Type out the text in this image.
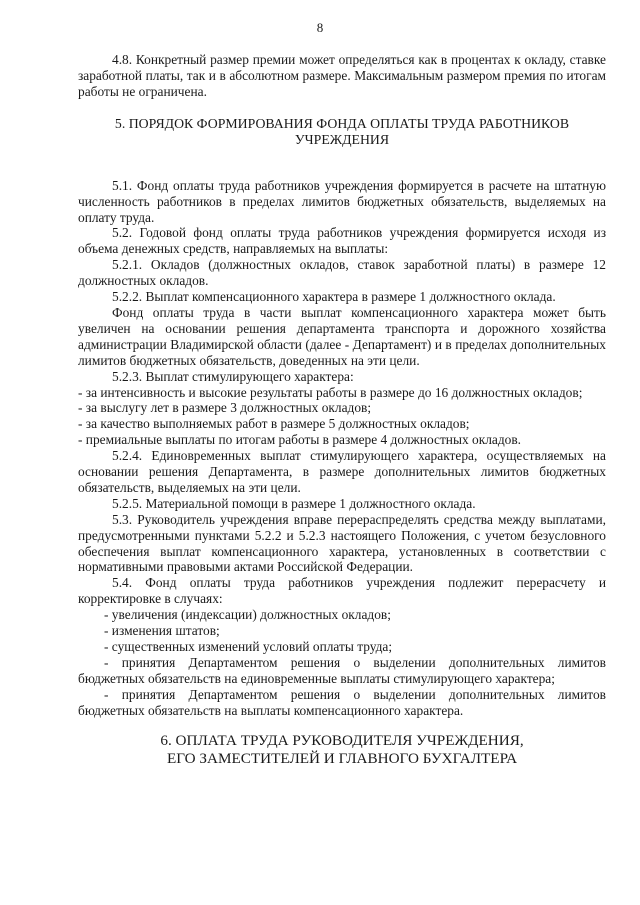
8

4.8. Конкретный размер премии может определяться как в процентах к окладу, ставке заработной платы, так и в абсолютном размере. Максимальным размером премия по итогам работы не ограничена.

5. ПОРЯДОК ФОРМИРОВАНИЯ ФОНДА ОПЛАТЫ ТРУДА РАБОТНИКОВ УЧРЕЖДЕНИЯ

5.1. Фонд оплаты труда работников учреждения формируется в расчете на штатную численность работников в пределах лимитов бюджетных обязательств, выделяемых на оплату труда.

5.2. Годовой фонд оплаты труда работников учреждения формируется исходя из объема денежных средств, направляемых на выплаты:

5.2.1. Окладов (должностных окладов, ставок заработной платы) в размере 12 должностных окладов.

5.2.2. Выплат компенсационного характера в размере 1 должностного оклада.

Фонд оплаты труда в части выплат компенсационного характера может быть увеличен на основании решения департамента транспорта и дорожного хозяйства администрации Владимирской области (далее - Департамент) и в пределах дополнительных лимитов бюджетных обязательств, доведенных на эти цели.

5.2.3. Выплат стимулирующего характера:

- за интенсивность и высокие результаты работы в размере до 16 должностных окладов;

- за выслугу лет в размере 3 должностных окладов;

- за качество выполняемых работ в размере 5 должностных окладов;

- премиальные выплаты по итогам работы в размере 4 должностных окладов.

5.2.4. Единовременных выплат стимулирующего характера, осуществляемых на основании решения Департамента, в размере дополнительных лимитов бюджетных обязательств, выделяемых на эти цели.

5.2.5. Материальной помощи в размере 1 должностного оклада.

5.3. Руководитель учреждения вправе перераспределять средства между выплатами, предусмотренными пунктами 5.2.2 и 5.2.3 настоящего Положения, с учетом безусловного обеспечения выплат компенсационного характера, установленных в соответствии с нормативными правовыми актами Российской Федерации.

5.4. Фонд оплаты труда работников учреждения подлежит перерасчету и корректировке в случаях:

- увеличения (индексации) должностных окладов;

- изменения штатов;

- существенных изменений условий оплаты труда;

- принятия Департаментом решения о выделении дополнительных лимитов бюджетных обязательств на единовременные выплаты стимулирующего характера;

- принятия Департаментом решения о выделении дополнительных лимитов бюджетных обязательств на выплаты компенсационного характера.

6. ОПЛАТА ТРУДА РУКОВОДИТЕЛЯ УЧРЕЖДЕНИЯ,
ЕГО ЗАМЕСТИТЕЛЕЙ И ГЛАВНОГО БУХГАЛТЕРА
